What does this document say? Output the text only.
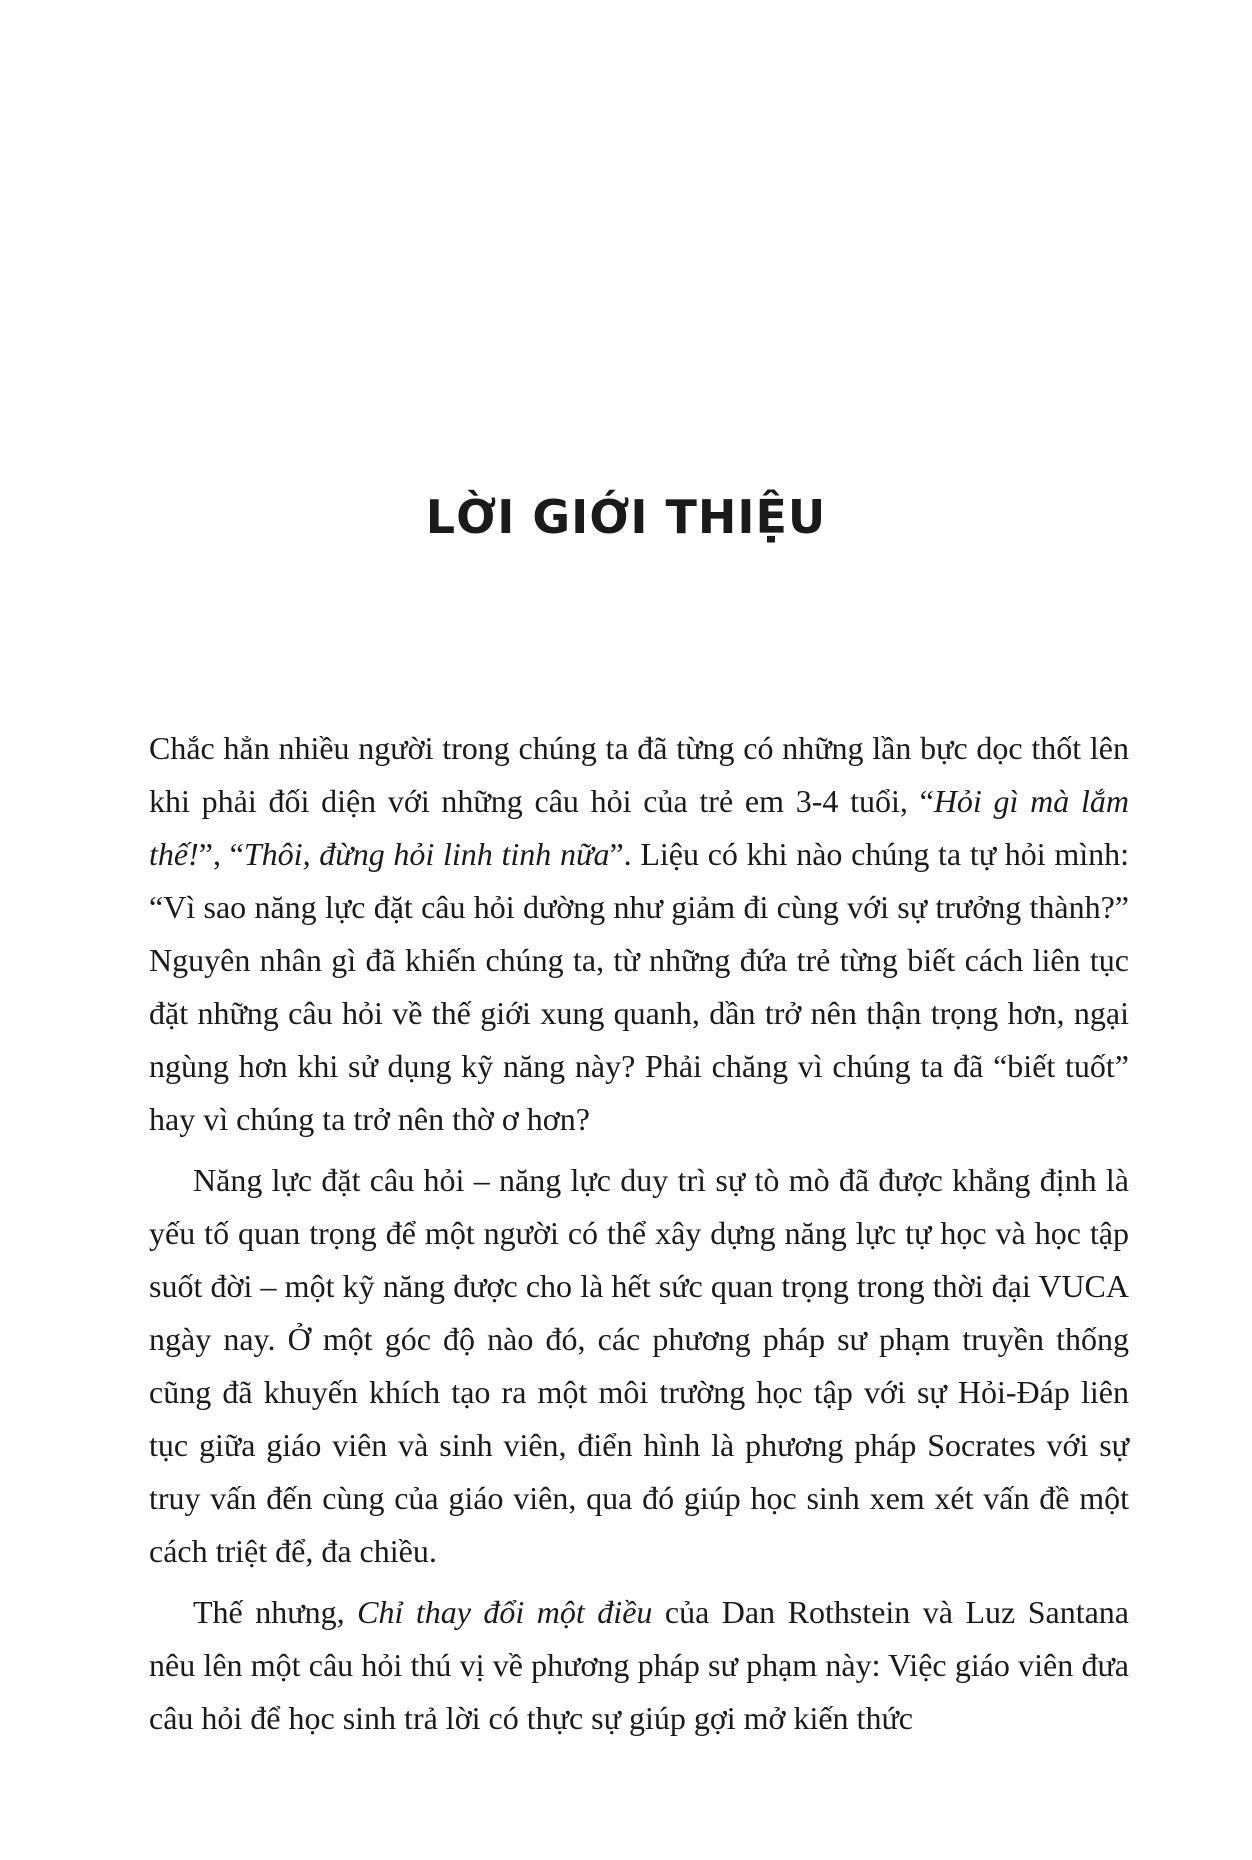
LỜI GIỚI THIỆU

Chắc hẳn nhiều người trong chúng ta đã từng có những lần bực dọc thốt lên khi phải đối diện với những câu hỏi của trẻ em 3-4 tuổi, “Hỏi gì mà lắm thế!”, “Thôi, đừng hỏi linh tinh nữa”. Liệu có khi nào chúng ta tự hỏi mình: “Vì sao năng lực đặt câu hỏi dường như giảm đi cùng với sự trưởng thành?” Nguyên nhân gì đã khiến chúng ta, từ những đứa trẻ từng biết cách liên tục đặt những câu hỏi về thế giới xung quanh, dần trở nên thận trọng hơn, ngại ngùng hơn khi sử dụng kỹ năng này? Phải chăng vì chúng ta đã “biết tuốt” hay vì chúng ta trở nên thờ ơ hơn?

Năng lực đặt câu hỏi – năng lực duy trì sự tò mò đã được khẳng định là yếu tố quan trọng để một người có thể xây dựng năng lực tự học và học tập suốt đời – một kỹ năng được cho là hết sức quan trọng trong thời đại VUCA ngày nay. Ở một góc độ nào đó, các phương pháp sư phạm truyền thống cũng đã khuyến khích tạo ra một môi trường học tập với sự Hỏi-Đáp liên tục giữa giáo viên và sinh viên, điển hình là phương pháp Socrates với sự truy vấn đến cùng của giáo viên, qua đó giúp học sinh xem xét vấn đề một cách triệt để, đa chiều.

Thế nhưng, Chỉ thay đổi một điều của Dan Rothstein và Luz Santana nêu lên một câu hỏi thú vị về phương pháp sư phạm này: Việc giáo viên đưa câu hỏi để học sinh trả lời có thực sự giúp gợi mở kiến thức
